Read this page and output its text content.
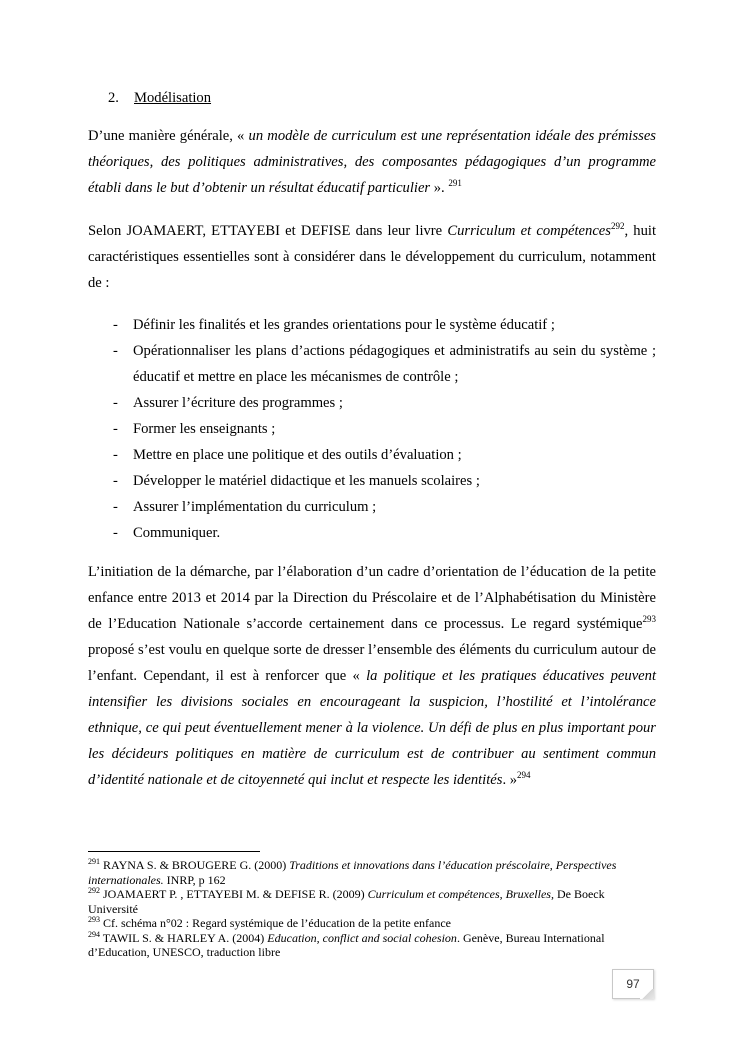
2. Modélisation

D’une manière générale, « un modèle de curriculum est une représentation idéale des prémisses théoriques, des politiques administratives, des composantes pédagogiques d’un programme établi dans le but d’obtenir un résultat éducatif particulier ». $^{291}$

Selon JOAMAERT, ETTAYEBI et DEFISE dans leur livre Curriculum et compétences$^{292}$, huit caractéristiques essentielles sont à considérer dans le développement du curriculum, notamment de :

- Définir les finalités et les grandes orientations pour le système éducatif ;
- Opérationnaliser les plans d’actions pédagogiques et administratifs au sein du système ; éducatif et mettre en place les mécanismes de contrôle ;
- Assurer l’écriture des programmes ;
- Former les enseignants ;
- Mettre en place une politique et des outils d’évaluation ;
- Développer le matériel didactique et les manuels scolaires ;
- Assurer l’implémentation du curriculum ;
- Communiquer.

L’initiation de la démarche, par l’élaboration d’un cadre d’orientation de l’éducation de la petite enfance entre 2013 et 2014 par la Direction du Préscolaire et de l’Alphabétisation du Ministère de l’Education Nationale s’accorde certainement dans ce processus. Le regard systémique$^{293}$ proposé s’est voulu en quelque sorte de dresser l’ensemble des éléments du curriculum autour de l’enfant. Cependant, il est à renforcer que « la politique et les pratiques éducatives peuvent intensifier les divisions sociales en encourageant la suspicion, l’hostilité et l’intolérance ethnique, ce qui peut éventuellement mener à la violence. Un défi de plus en plus important pour les décideurs politiques en matière de curriculum est de contribuer au sentiment commun d’identité nationale et de citoyenneté qui inclut et respecte les identités. »$^{294}$

$^{291}$ RAYNA S. & BROUGERE G. (2000) Traditions et innovations dans l’éducation préscolaire, Perspectives internationales. INRP, p 162

$^{292}$ JOAMAERT P. , ETTAYEBI M. & DEFISE R. (2009) Curriculum et compétences, Bruxelles, De Boeck Université

$^{293}$ Cf. schéma n°02 : Regard systémique de l’éducation de la petite enfance

$^{294}$ TAWIL S. & HARLEY A. (2004) Education, conflict and social cohesion. Genève, Bureau International d’Education, UNESCO, traduction libre

97
